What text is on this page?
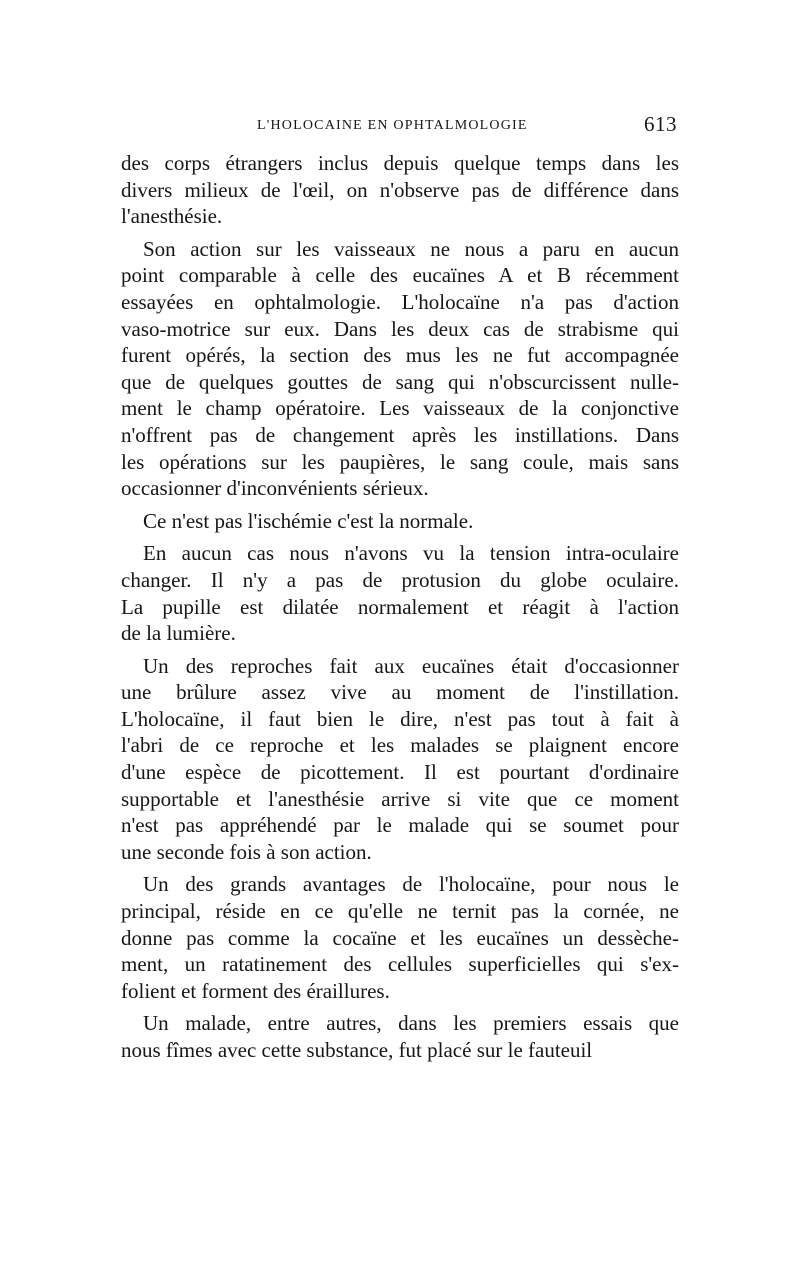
L'HOLOCAINE EN OPHTALMOLOGIE	613

des corps étrangers inclus depuis quelque temps dans les
divers milieux de l'œil, on n'observe pas de différence dans
l'anesthésie.

Son action sur les vaisseaux ne nous a paru en aucun
point comparable à celle des eucaïnes A et B récemment
essayées en ophtalmologie. L'holocaïne n'a pas d'action
vaso-motrice sur eux. Dans les deux cas de strabisme qui
furent opérés, la section des mus les ne fut accompagnée
que de quelques gouttes de sang qui n'obscurcissent nulle-
ment le champ opératoire. Les vaisseaux de la conjonctive
n'offrent pas de changement après les instillations. Dans
les opérations sur les paupières, le sang coule, mais sans
occasionner d'inconvénients sérieux.

Ce n'est pas l'ischémie c'est la normale.

En aucun cas nous n'avons vu la tension intra-oculaire
changer. Il n'y a pas de protusion du globe oculaire.
La pupille est dilatée normalement et réagit à l'action
de la lumière.

Un des reproches fait aux eucaïnes était d'occasionner
une brûlure assez vive au moment de l'instillation.
L'holocaïne, il faut bien le dire, n'est pas tout à fait à
l'abri de ce reproche et les malades se plaignent encore
d'une espèce de picottement. Il est pourtant d'ordinaire
supportable et l'anesthésie arrive si vite que ce moment
n'est pas appréhendé par le malade qui se soumet pour
une seconde fois à son action.

Un des grands avantages de l'holocaïne, pour nous le
principal, réside en ce qu'elle ne ternit pas la cornée, ne
donne pas comme la cocaïne et les eucaïnes un dessèche-
ment, un ratatinement des cellules superficielles qui s'ex-
folient et forment des éraillures.

Un malade, entre autres, dans les premiers essais que
nous fîmes avec cette substance, fut placé sur le fauteuil
